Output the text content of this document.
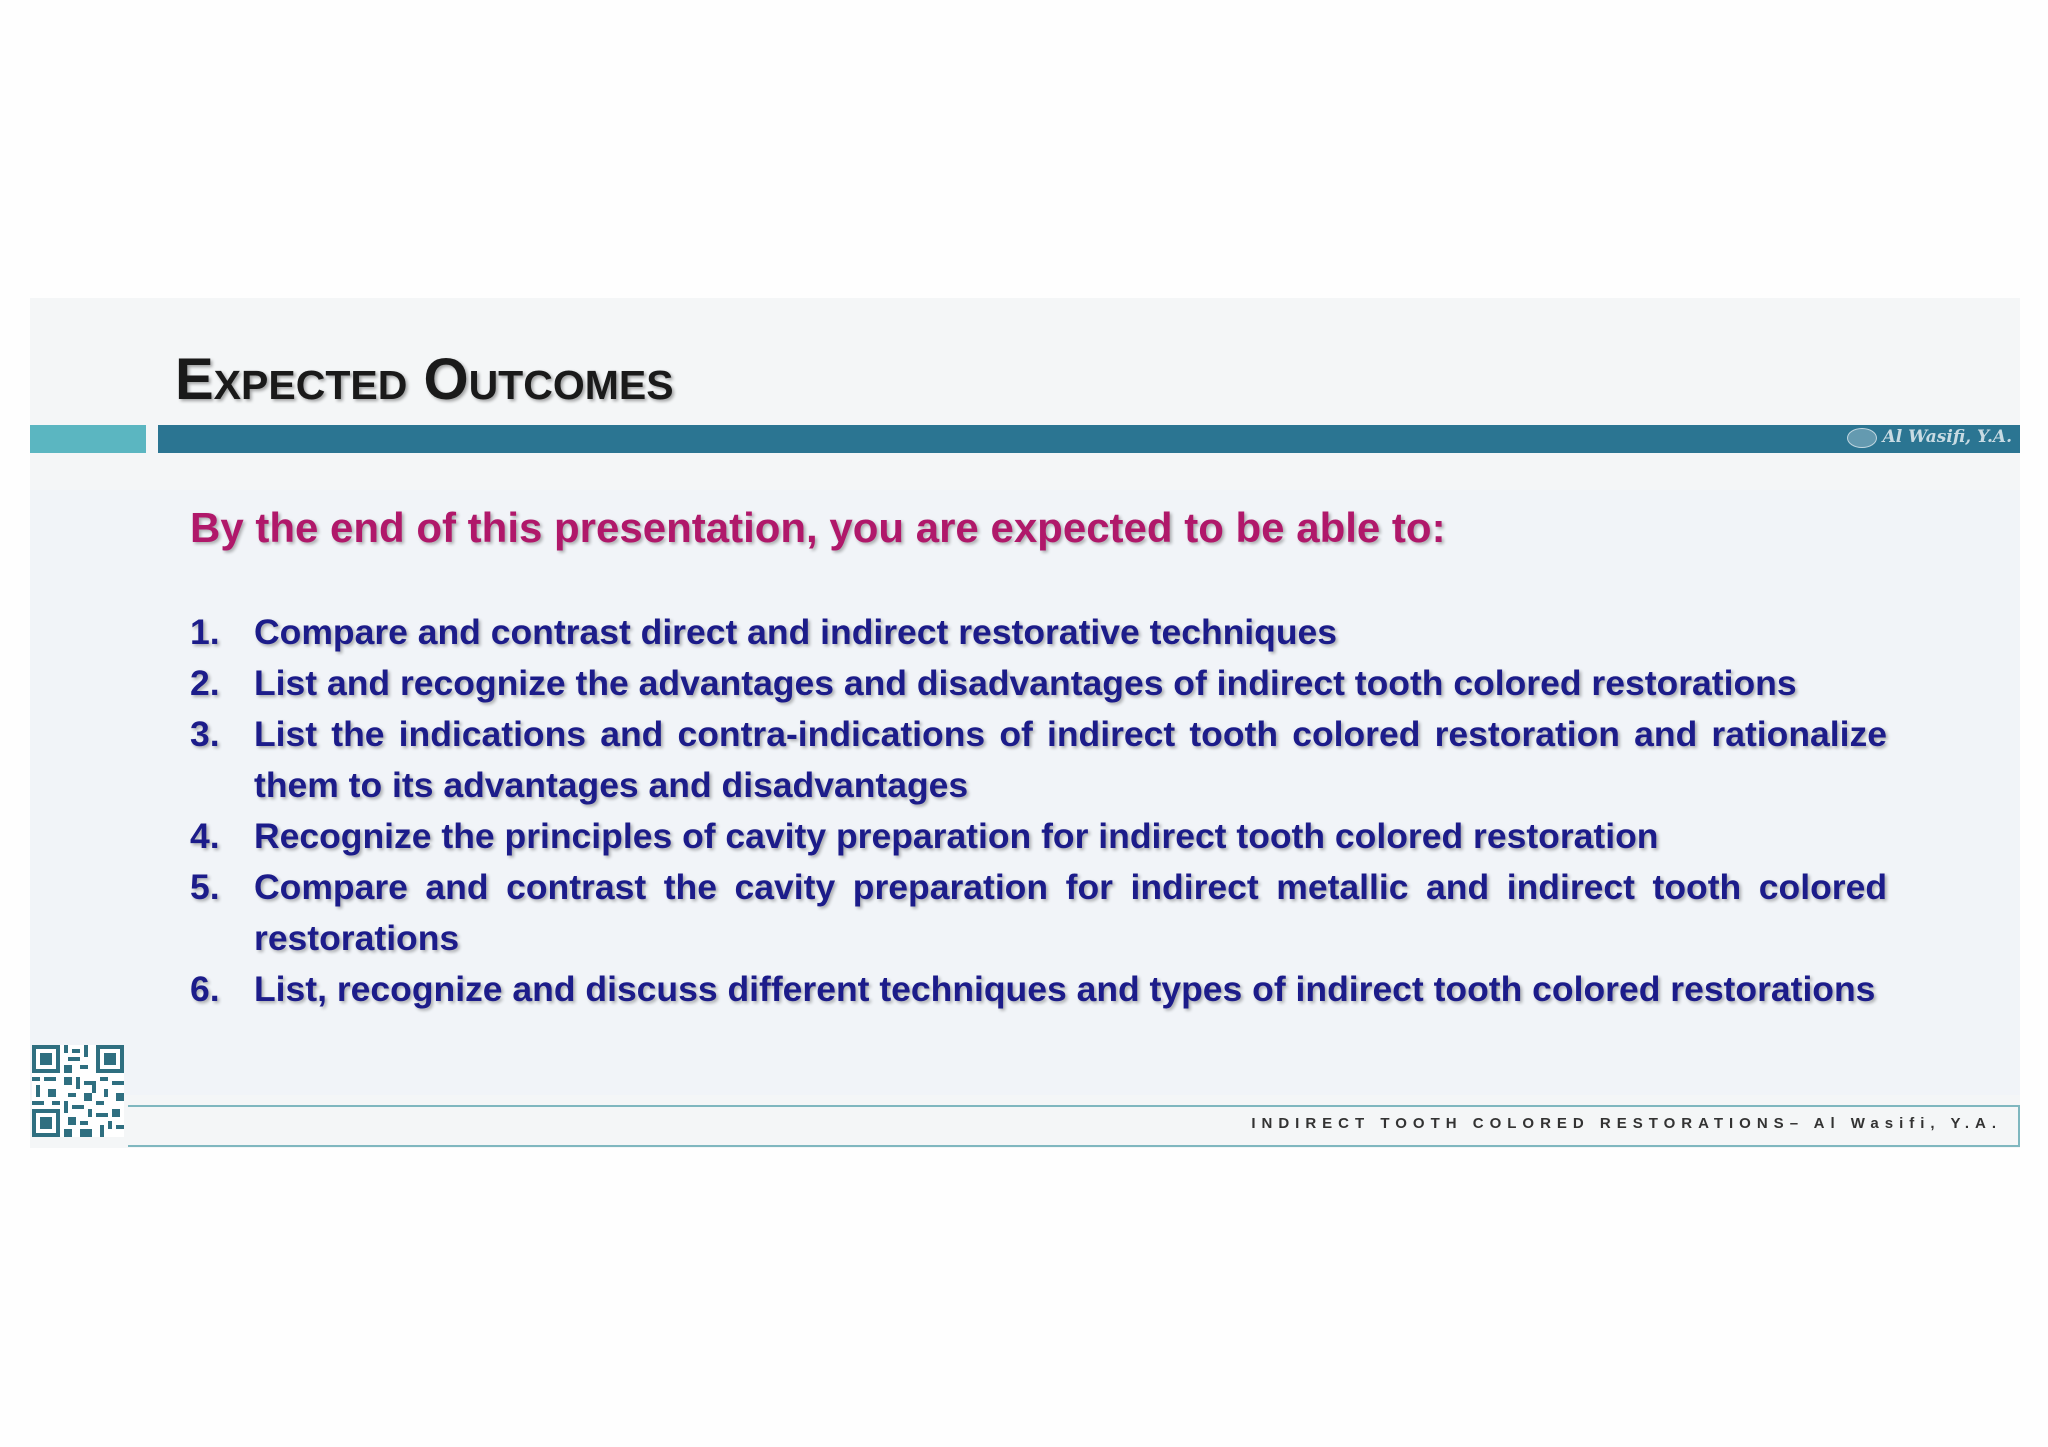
Expected Outcomes
Al Wasifi, Y.A.
By the end of this presentation, you are expected to be able to:
1. Compare and contrast direct and indirect restorative techniques
2. List and recognize the advantages and disadvantages of indirect tooth colored restorations
3. List the indications and contra-indications of indirect tooth colored restoration and rationalize them to its advantages and disadvantages
4. Recognize the principles of cavity preparation for indirect tooth colored restoration
5. Compare and contrast the cavity preparation for indirect metallic and indirect tooth colored restorations
6. List, recognize and discuss different techniques and types of indirect tooth colored restorations
INDIRECT TOOTH COLORED RESTORATIONS– Al Wasifi, Y.A.
